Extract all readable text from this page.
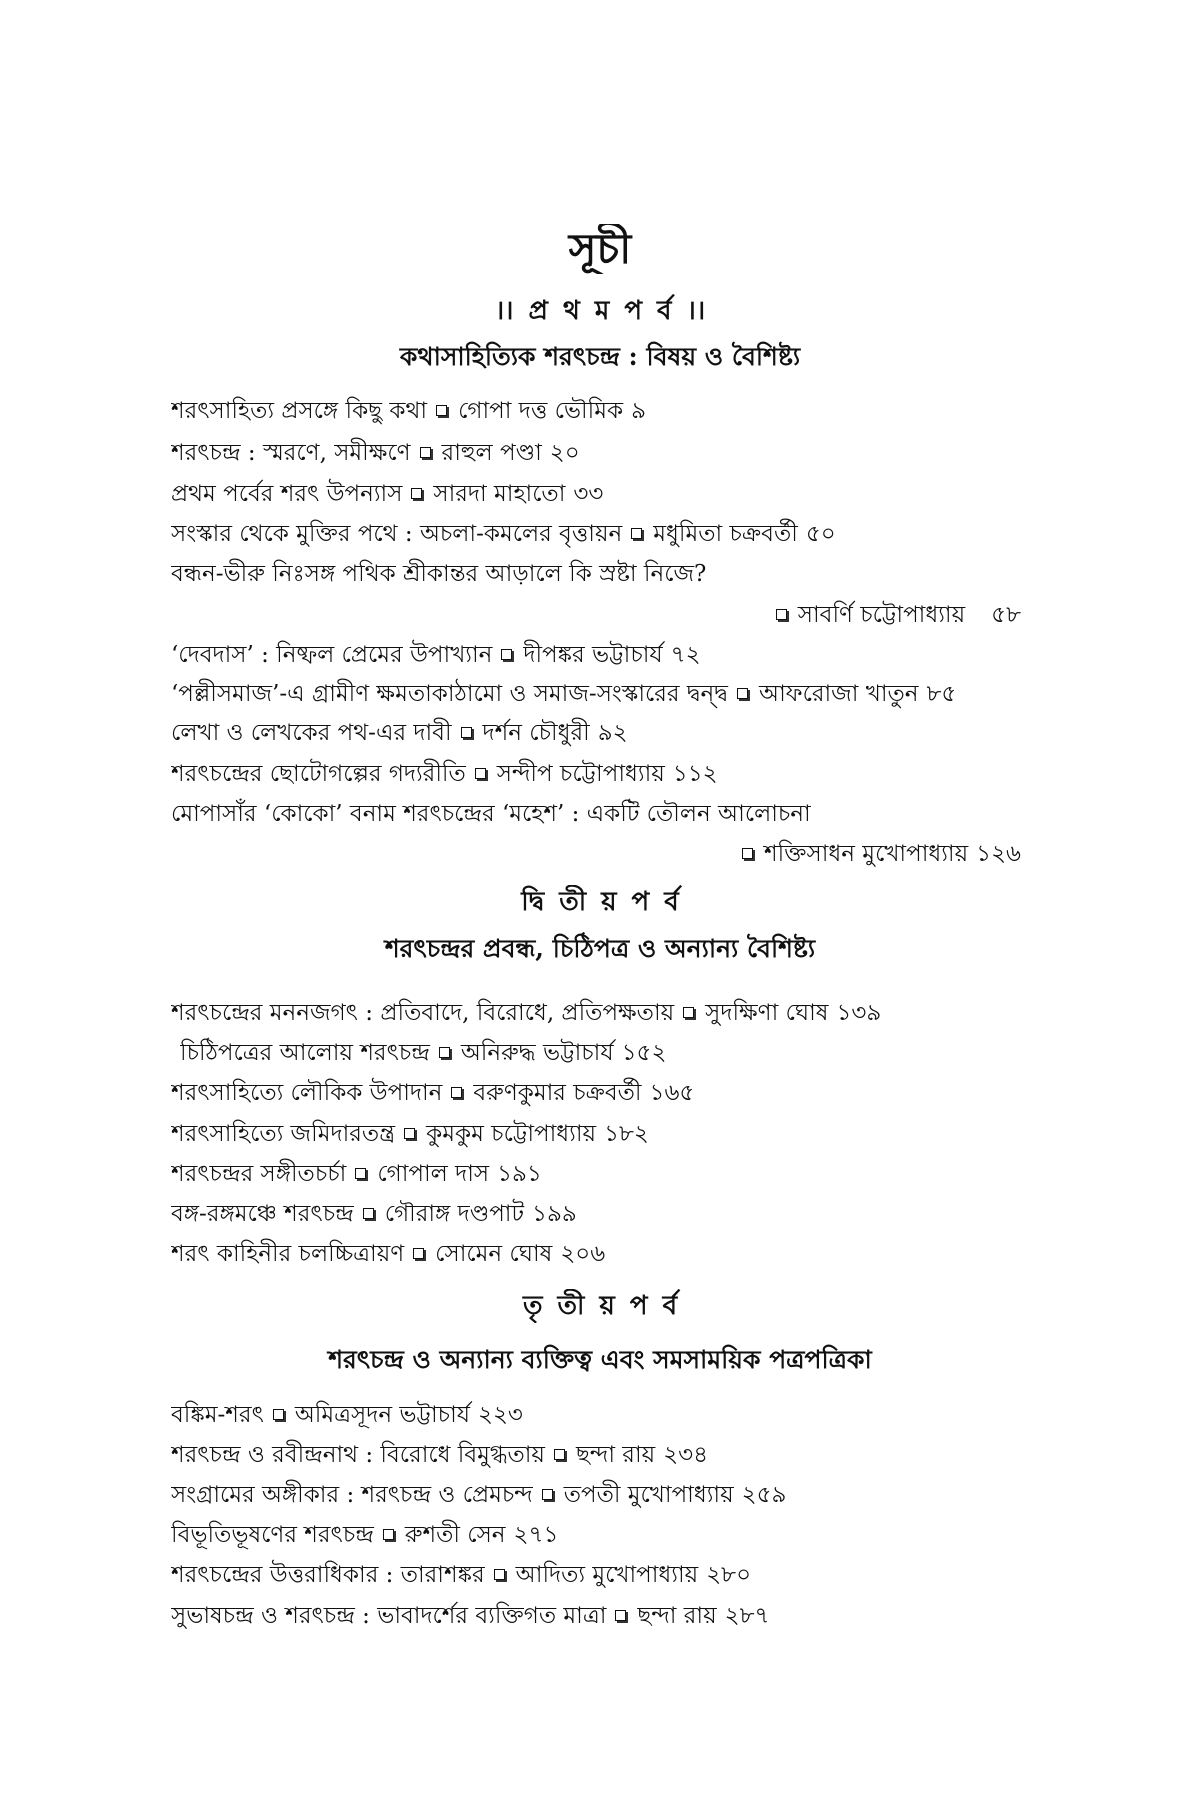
সূচী
।। প্র থ ম প র্ব ।।
কথাসাহিত্যিক শরৎচন্দ্র : বিষয় ও বৈশিষ্ট্য
শরৎসাহিত্য প্রসঙ্গে কিছু কথা গোপা দত্ত ভৌমিক ৯
শরৎচন্দ্র : স্মরণে, সমীক্ষণে রাহুল পণ্ডা ২০
প্রথম পর্বের শরৎ উপন্যাস সারদা মাহাতো ৩৩
সংস্কার থেকে মুক্তির পথে : অচলা-কমলের বৃত্তায়ন মধুমিতা চক্রবর্তী ৫০
বন্ধন-ভীরু নিঃসঙ্গ পথিক শ্রীকান্তর আড়ালে কি স্রষ্টা নিজে?
সাবর্ণি চট্টোপাধ্যায় ৫৮
‘দেবদাস’ : নিষ্ফল প্রেমের উপাখ্যান দীপঙ্কর ভট্টাচার্য ৭২
‘পল্লীসমাজ’-এ গ্রামীণ ক্ষমতাকাঠামো ও সমাজ-সংস্কারের দ্বন্দ্ব আফরোজা খাতুন ৮৫
লেখা ও লেখকের পথ-এর দাবী দর্শন চৌধুরী ৯২
শরৎচন্দ্রের ছোটোগল্পের গদ্যরীতি সন্দীপ চট্টোপাধ্যায় ১১২
মোপাসাঁর ‘কোকো’ বনাম শরৎচন্দ্রের ‘মহেশ’ : একটি তৌলন আলোচনা
শক্তিসাধন মুখোপাধ্যায় ১২৬
দ্বি তী য় প র্ব
শরৎচন্দ্রর প্রবন্ধ, চিঠিপত্র ও অন্যান্য বৈশিষ্ট্য
শরৎচন্দ্রের মননজগৎ : প্রতিবাদে, বিরোধে, প্রতিপক্ষতায় সুদক্ষিণা ঘোষ ১৩৯
চিঠিপত্রের আলোয় শরৎচন্দ্র অনিরুদ্ধ ভট্টাচার্য ১৫২
শরৎসাহিত্যে লৌকিক উপাদান বরুণকুমার চক্রবর্তী ১৬৫
শরৎসাহিত্যে জমিদারতন্ত্র কুমকুম চট্টোপাধ্যায় ১৮২
শরৎচন্দ্রর সঙ্গীতচর্চা গোপাল দাস ১৯১
বঙ্গ-রঙ্গমঞ্চে শরৎচন্দ্র গৌরাঙ্গ দণ্ডপাট ১৯৯
শরৎ কাহিনীর চলচ্চিত্রায়ণ সোমেন ঘোষ ২০৬
তৃ তী য় প র্ব
শরৎচন্দ্র ও অন্যান্য ব্যক্তিত্ব এবং সমসাময়িক পত্রপত্রিকা
বঙ্কিম-শরৎ অমিত্রসূদন ভট্টাচার্য ২২৩
শরৎচন্দ্র ও রবীন্দ্রনাথ : বিরোধে বিমুগ্ধতায় ছন্দা রায় ২৩৪
সংগ্রামের অঙ্গীকার : শরৎচন্দ্র ও প্রেমচন্দ তপতী মুখোপাধ্যায় ২৫৯
বিভূতিভূষণের শরৎচন্দ্র রুশতী সেন ২৭১
শরৎচন্দ্রের উত্তরাধিকার : তারাশঙ্কর আদিত্য মুখোপাধ্যায় ২৮০
সুভাষচন্দ্র ও শরৎচন্দ্র : ভাবাদর্শের ব্যক্তিগত মাত্রা ছন্দা রায় ২৮৭
